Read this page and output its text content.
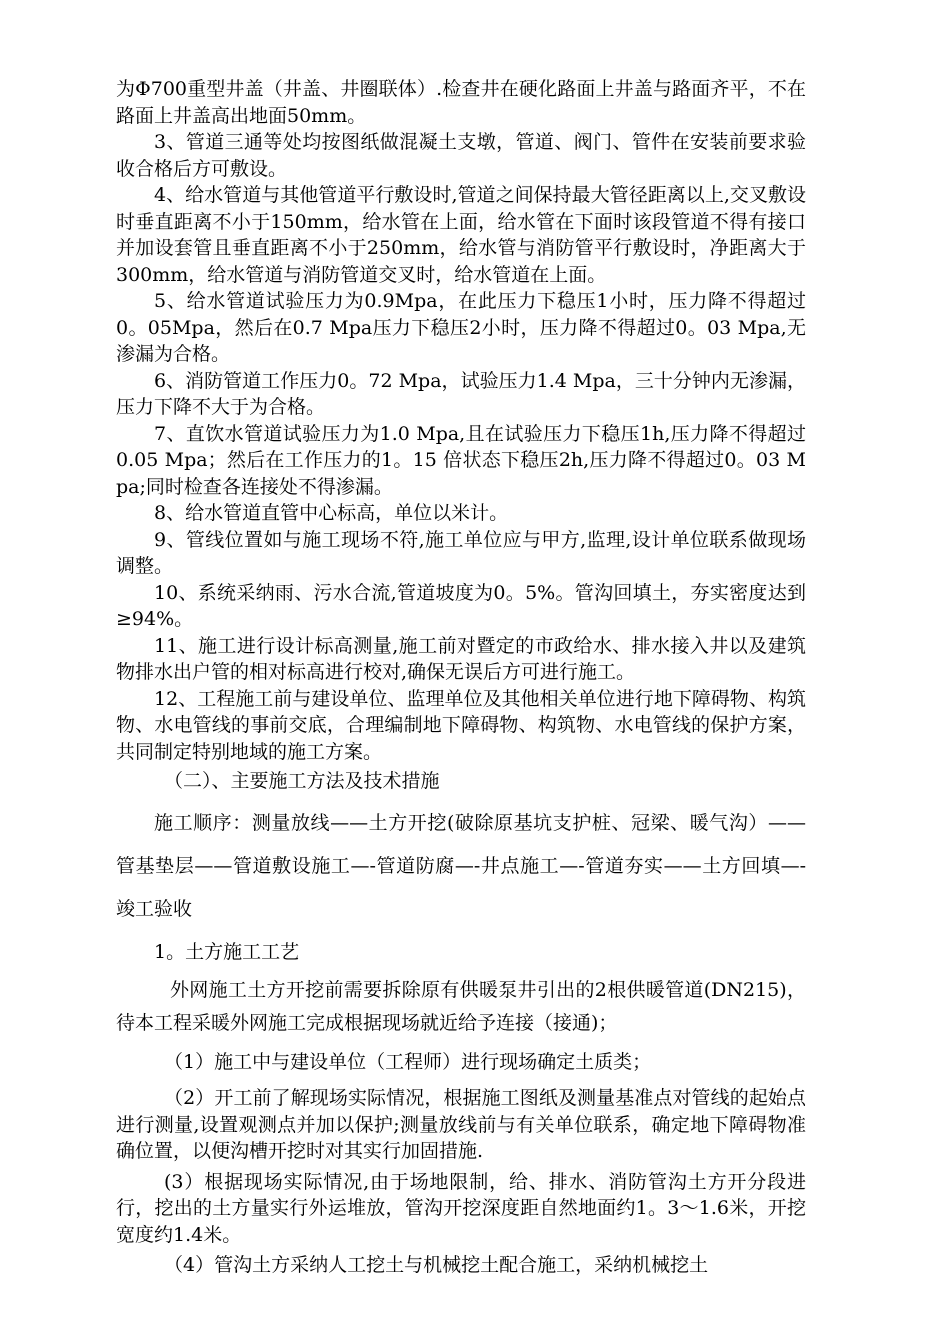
为Φ700重型井盖（井盖、井圈联体）.检查井在硬化路面上井盖与路面齐平，不在路面上井盖高出地面50mm。

3、管道三通等处均按图纸做混凝土支墩，管道、阀门、管件在安装前要求验收合格后方可敷设。

4、给水管道与其他管道平行敷设时,管道之间保持最大管径距离以上,交叉敷设时垂直距离不小于150mm，给水管在上面，给水管在下面时该段管道不得有接口并加设套管且垂直距离不小于250mm，给水管与消防管平行敷设时，净距离大于300mm，给水管道与消防管道交叉时，给水管道在上面。

5、给水管道试验压力为0.9Mpa，在此压力下稳压1小时，压力降不得超过0。05Mpa，然后在0.7 Mpa压力下稳压2小时，压力降不得超过0。03 Mpa,无渗漏为合格。

6、消防管道工作压力0。72 Mpa，试验压力1.4 Mpa，三十分钟内无渗漏，压力下降不大于为合格。

7、直饮水管道试验压力为1.0 Mpa,且在试验压力下稳压1h,压力降不得超过0.05 Mpa；然后在工作压力的1。15 倍状态下稳压2h,压力降不得超过0。03 Mpa;同时检查各连接处不得渗漏。

8、给水管道直管中心标高，单位以米计。

9、管线位置如与施工现场不符,施工单位应与甲方,监理,设计单位联系做现场调整。

10、系统采纳雨、污水合流,管道坡度为0。5%。管沟回填土，夯实密度达到≥94%。

11、施工进行设计标高测量,施工前对暨定的市政给水、排水接入井以及建筑物排水出户管的相对标高进行校对,确保无误后方可进行施工。

12、工程施工前与建设单位、监理单位及其他相关单位进行地下障碍物、构筑物、水电管线的事前交底，合理编制地下障碍物、构筑物、水电管线的保护方案，共同制定特别地域的施工方案。

（二）、主要施工方法及技术措施

施工顺序：测量放线——土方开挖(破除原基坑支护桩、冠梁、暖气沟）——管基垫层——管道敷设施工—-管道防腐—-井点施工—-管道夯实——土方回填—-竣工验收

1。土方施工工艺

外网施工土方开挖前需要拆除原有供暖泵井引出的2根供暖管道(DN215)，待本工程采暖外网施工完成根据现场就近给予连接（接通)；

（1）施工中与建设单位（工程师）进行现场确定土质类；

（2）开工前了解现场实际情况，根据施工图纸及测量基准点对管线的起始点进行测量,设置观测点并加以保护;测量放线前与有关单位联系，确定地下障碍物准确位置，以便沟槽开挖时对其实行加固措施.

(3）根据现场实际情况,由于场地限制，给、排水、消防管沟土方开分段进行，挖出的土方量实行外运堆放，管沟开挖深度距自然地面约1。3～1.6米，开挖宽度约1.4米。

（4）管沟土方采纳人工挖土与机械挖土配合施工，采纳机械挖土
